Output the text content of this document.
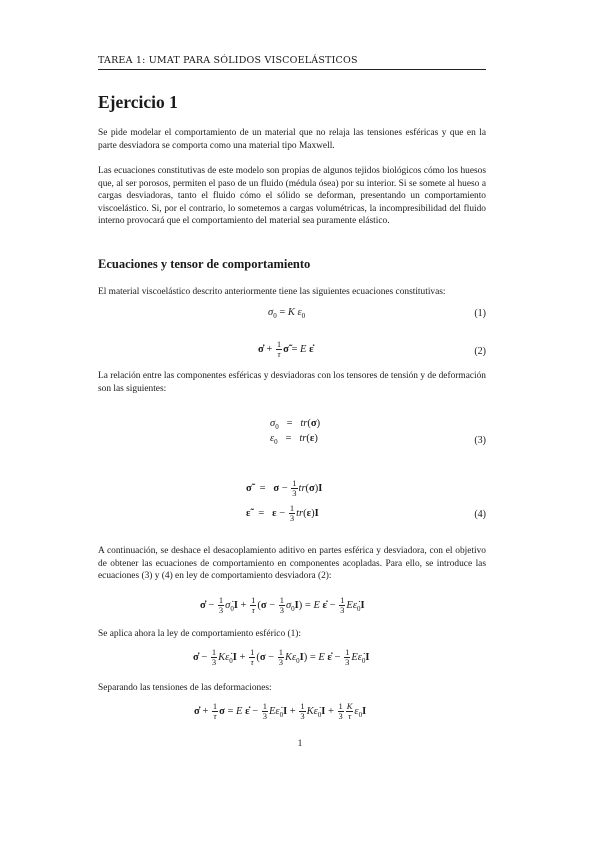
TAREA 1: UMAT PARA SÓLIDOS VISCOELÁSTICOS
Ejercicio 1
Se pide modelar el comportamiento de un material que no relaja las tensiones esféricas y que en la parte desviadora se comporta como una material tipo Maxwell.
Las ecuaciones constitutivas de este modelo son propias de algunos tejidos biológicos cómo los huesos que, al ser porosos, permiten el paso de un fluido (médula ósea) por su interior. Si se somete al hueso a cargas desviadoras, tanto el fluido cómo el sólido se deforman, presentando un comportamiento viscoelástico. Si, por el contrario, lo sometemos a cargas volumétricas, la incompresibilidad del fluido interno provocará que el comportamiento del material sea puramente elástico.
Ecuaciones y tensor de comportamiento
El material viscoelástico descrito anteriormente tiene las siguientes ecuaciones constitutivas:
$\sigma_0 = K$ $\varepsilon_0$	(1)
σ̇ + $\frac{1}{\tau}$ σ̃ = E ε̇	(2)
La relación entre las componentes esféricas y desviadoras con los tensores de tensión y de deformación son las siguientes:
$\sigma_0 = tr(\sigma)$
$\varepsilon_0 = tr(\varepsilon)$	(3)
σ̃   =   $\sigma - \frac{1}{3} tr(\sigma)I$
ε̃   =   $\varepsilon - \frac{1}{3} tr(\varepsilon)I$	(4)
A continuación, se deshace el desacoplamiento aditivo en partes esférica y desviadora, con el objetivo de obtener las ecuaciones de comportamiento en componentes acopladas. Para ello, se introduce las ecuaciones (3) y (4) en ley de comportamiento desviadora (2):
σ̇ − $\frac{1}{3}$ $\sigmȧ_0I + \frac{1}{\tau} (\sigma - \frac{1}{3} \sigma_0I) = E$ ε̇ − $\frac{1}{3}$ $E\varepsiloṅ_0I$
Se aplica ahora la ley de comportamiento esférico (1):
σ̇ − $\frac{1}{3}$ $K\varepsiloṅ_0I + \frac{1}{\tau} (\sigma - \frac{1}{3} K\varepsilon_0I) = E$ ε̇ − $\frac{1}{3}$ $E\varepsiloṅ_0I$
Separando las tensiones de las deformaciones:
σ̇ + $\frac{1}{\tau}$ σ = E ε̇ − $\frac{1}{3}$ $E\varepsiloṅ_0I + \frac{1}{3}$ $K\varepsiloṅ_0I + \frac{1}{3} \frac{K}{\tau} \varepsilon_0I$
1
